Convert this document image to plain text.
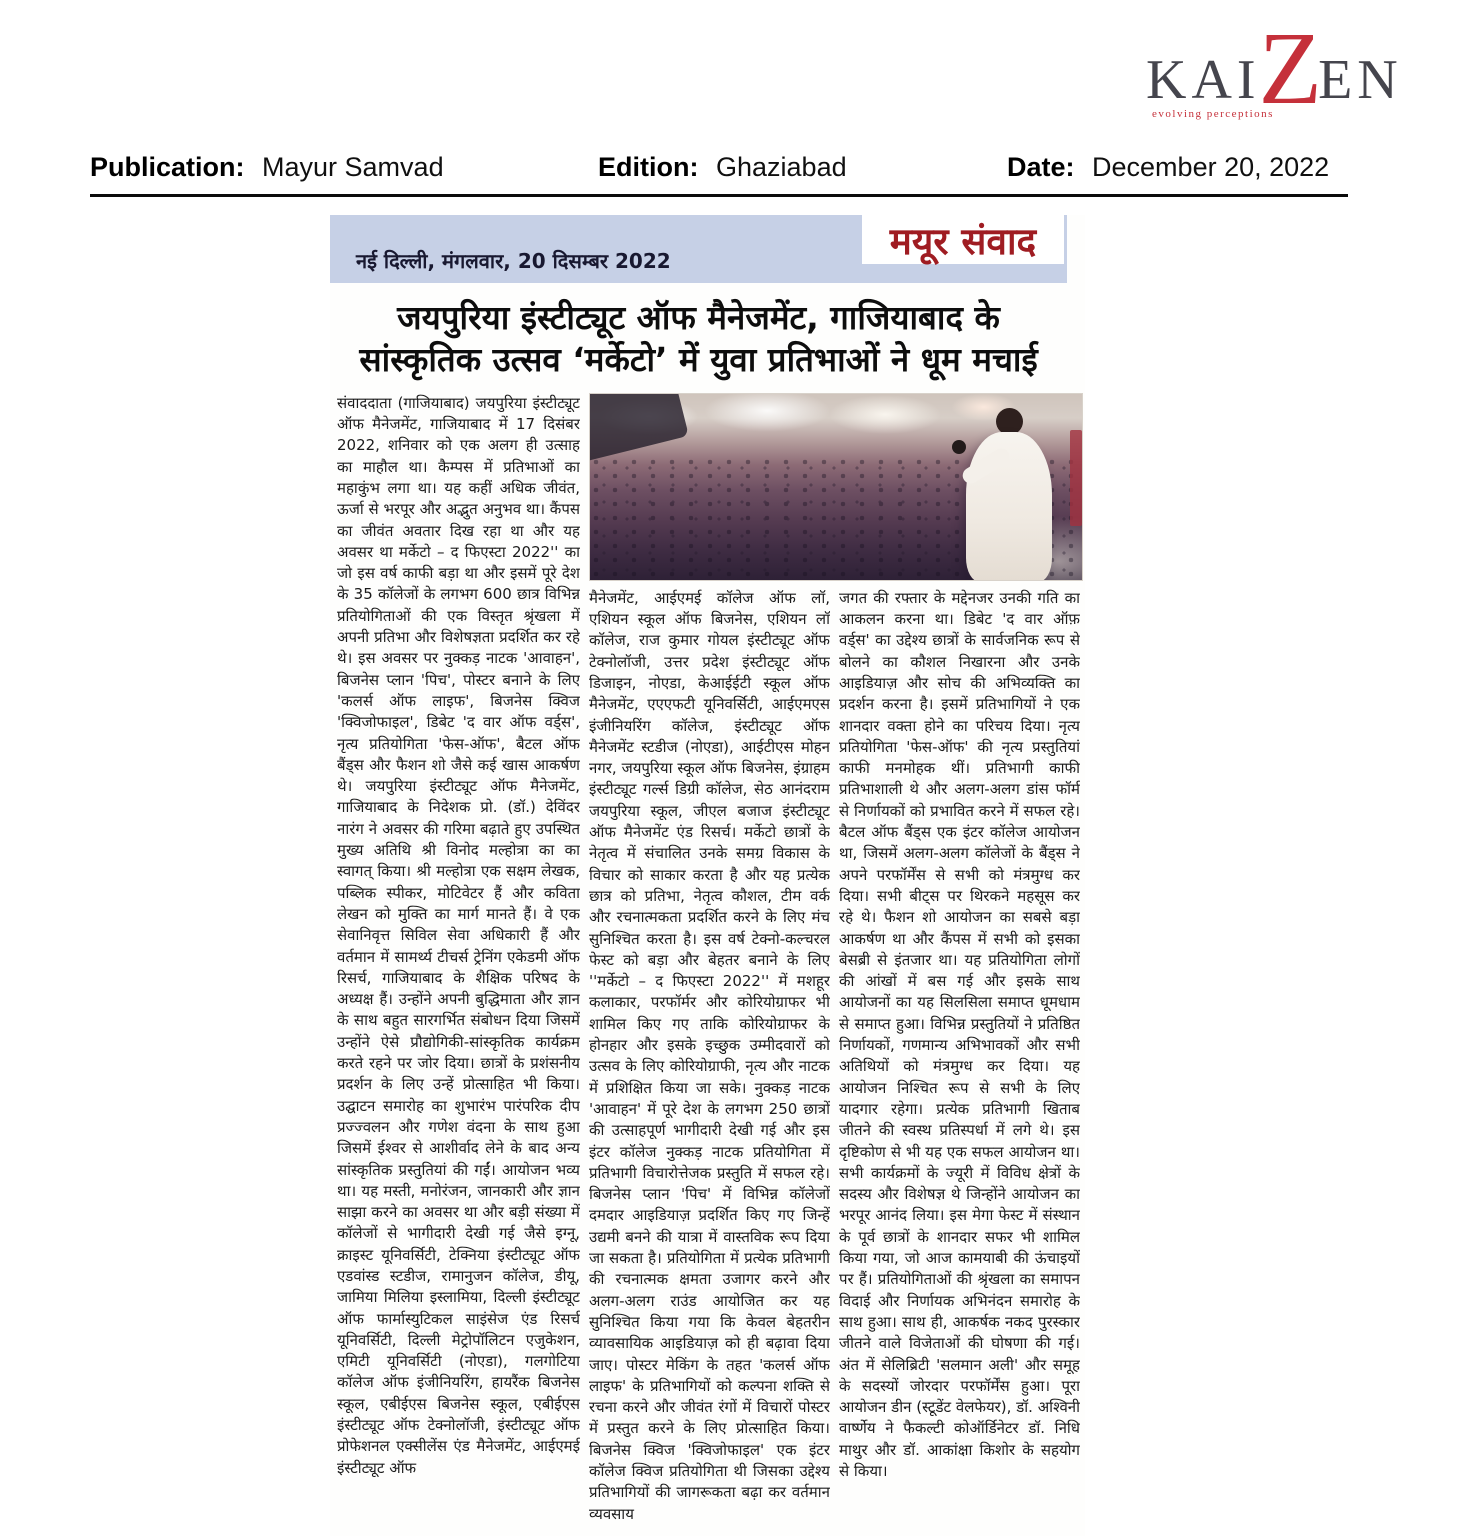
KAI
Z
EN
evolving perceptions
Publication: Mayur Samvad	Edition: Ghaziabad	Date: December 20, 2022
नई दिल्ली, मंगलवार, 20 दिसम्बर 2022	मयूर संवाद
जयपुरिया इंस्टीट्यूट ऑफ मैनेजमेंट, गाजियाबाद के
सांस्कृतिक उत्सव ‘मर्केटो’ में युवा प्रतिभाओं ने धूम मचाई
संवाददाता (गाजियाबाद) जयपुरिया इंस्टीट्यूट ऑफ मैनेजमेंट, गाजियाबाद में 17 दिसंबर 2022, शनिवार को एक अलग ही उत्साह का माहौल था। कैम्पस में प्रतिभाओं का महाकुंभ लगा था। यह कहीं अधिक जीवंत, ऊर्जा से भरपूर और अद्भुत अनुभव था। कैंपस का जीवंत अवतार दिख रहा था और यह अवसर था मर्केटो – द फिएस्टा 2022'' का जो इस वर्ष काफी बड़ा था और इसमें पूरे देश के 35 कॉलेजों के लगभग 600 छात्र विभिन्न प्रतियोगिताओं की एक विस्तृत श्रृंखला में अपनी प्रतिभा और विशेषज्ञता प्रदर्शित कर रहे थे। इस अवसर पर नुक्कड़ नाटक 'आवाहन', बिजनेस प्लान 'पिच', पोस्टर बनाने के लिए 'कलर्स ऑफ लाइफ', बिजनेस क्विज 'क्विजोफाइल', डिबेट 'द वार ऑफ वर्ड्स', नृत्य प्रतियोगिता 'फेस-ऑफ', बैटल ऑफ बैंड्स और फैशन शो जैसे कई खास आकर्षण थे। जयपुरिया इंस्टीट्यूट ऑफ मैनेजमेंट, गाजियाबाद के निदेशक प्रो. (डॉ.) देविंदर नारंग ने अवसर की गरिमा बढ़ाते हुए उपस्थित मुख्य अतिथि श्री विनोद मल्होत्रा का का स्वागत् किया। श्री मल्होत्रा एक सक्षम लेखक, पब्लिक स्पीकर, मोटिवेटर हैं और कविता लेखन को मुक्ति का मार्ग मानते हैं। वे एक सेवानिवृत्त सिविल सेवा अधिकारी हैं और वर्तमान में सामर्थ्य टीचर्स ट्रेनिंग एकेडमी ऑफ रिसर्च, गाजियाबाद के शैक्षिक परिषद के अध्यक्ष हैं। उन्होंने अपनी बुद्धिमाता और ज्ञान के साथ बहुत सारगर्भित संबोधन दिया जिसमें उन्होंने ऐसे प्रौद्योगिकी-सांस्कृतिक कार्यक्रम करते रहने पर जोर दिया। छात्रों के प्रशंसनीय प्रदर्शन के लिए उन्हें प्रोत्साहित भी किया। उद्घाटन समारोह का शुभारंभ पारंपरिक दीप प्रज्ज्वलन और गणेश वंदना के साथ हुआ जिसमें ईश्वर से आशीर्वाद लेने के बाद अन्य सांस्कृतिक प्रस्तुतियां की गईं। आयोजन भव्य था। यह मस्ती, मनोरंजन, जानकारी और ज्ञान साझा करने का अवसर था और बड़ी संख्या में कॉलेजों से भागीदारी देखी गई जैसे इग्नू, क्राइस्ट यूनिवर्सिटी, टेक्निया इंस्टीट्यूट ऑफ एडवांस्ड स्टडीज, रामानुजन कॉलेज, डीयू, जामिया मिलिया इस्लामिया, दिल्ली इंस्टीट्यूट ऑफ फार्मास्युटिकल साइंसेज एंड रिसर्च यूनिवर्सिटी, दिल्ली मेट्रोपॉलिटन एजुकेशन, एमिटी यूनिवर्सिटी (नोएडा), गलगोटिया कॉलेज ऑफ इंजीनियरिंग, हायरैंक बिजनेस स्कूल, एबीईएस बिजनेस स्कूल, एबीईएस इंस्टीट्यूट ऑफ टेक्नोलॉजी, इंस्टीट्यूट ऑफ प्रोफेशनल एक्सीलेंस एंड मैनेजमेंट, आईएमई इंस्टीट्यूट ऑफ
मैनेजमेंट, आईएमई कॉलेज ऑफ लॉ, एशियन स्कूल ऑफ बिजनेस, एशियन लॉ कॉलेज, राज कुमार गोयल इंस्टीट्यूट ऑफ टेक्नोलॉजी, उत्तर प्रदेश इंस्टीट्यूट ऑफ डिजाइन, नोएडा, केआईईटी स्कूल ऑफ मैनेजमेंट, एएएफटी यूनिवर्सिटी, आईएमएस इंजीनियरिंग कॉलेज, इंस्टीट्यूट ऑफ मैनेजमेंट स्टडीज (नोएडा), आईटीएस मोहन नगर, जयपुरिया स्कूल ऑफ बिजनेस, इंग्राहम इंस्टीट्यूट गर्ल्स डिग्री कॉलेज, सेठ आनंदराम जयपुरिया स्कूल, जीएल बजाज इंस्टीट्यूट ऑफ मैनेजमेंट एंड रिसर्च। मर्केटो छात्रों के नेतृत्व में संचालित उनके समग्र विकास के विचार को साकार करता है और यह प्रत्येक छात्र को प्रतिभा, नेतृत्व कौशल, टीम वर्क और रचनात्मकता प्रदर्शित करने के लिए मंच सुनिश्चित करता है। इस वर्ष टेक्नो-कल्चरल फेस्ट को बड़ा और बेहतर बनाने के लिए ''मर्केटो – द फिएस्टा 2022'' में मशहूर कलाकार, परफॉर्मर और कोरियोग्राफर भी शामिल किए गए ताकि कोरियोग्राफर के होनहार और इसके इच्छुक उम्मीदवारों को उत्सव के लिए कोरियोग्राफी, नृत्य और नाटक में प्रशिक्षित किया जा सके। नुक्कड़ नाटक 'आवाहन' में पूरे देश के लगभग 250 छात्रों की उत्साहपूर्ण भागीदारी देखी गई और इस इंटर कॉलेज नुक्कड़ नाटक प्रतियोगिता में प्रतिभागी विचारोत्तेजक प्रस्तुति में सफल रहे। बिजनेस प्लान 'पिच' में विभिन्न कॉलेजों दमदार आइडियाज़ प्रदर्शित किए गए जिन्हें उद्यमी बनने की यात्रा में वास्तविक रूप दिया जा सकता है। प्रतियोगिता में प्रत्येक प्रतिभागी की रचनात्मक क्षमता उजागर करने और अलग-अलग राउंड आयोजित कर यह सुनिश्चित किया गया कि केवल बेहतरीन व्यावसायिक आइडियाज़ को ही बढ़ावा दिया जाए। पोस्टर मेकिंग के तहत 'कलर्स ऑफ लाइफ' के प्रतिभागियों को कल्पना शक्ति से रचना करने और जीवंत रंगों में विचारों पोस्टर में प्रस्तुत करने के लिए प्रोत्साहित किया। बिजनेस क्विज 'क्विजोफाइल' एक इंटर कॉलेज क्विज प्रतियोगिता थी जिसका उद्देश्य प्रतिभागियों की जागरूकता बढ़ा कर वर्तमान व्यवसाय
जगत की रफ्तार के मद्देनजर उनकी गति का आकलन करना था। डिबेट 'द वार ऑफ़ वर्ड्स' का उद्देश्य छात्रों के सार्वजनिक रूप से बोलने का कौशल निखारना और उनके आइडियाज़ और सोच की अभिव्यक्ति का प्रदर्शन करना है। इसमें प्रतिभागियों ने एक शानदार वक्ता होने का परिचय दिया। नृत्य प्रतियोगिता 'फेस-ऑफ' की नृत्य प्रस्तुतियां काफी मनमोहक थीं। प्रतिभागी काफी प्रतिभाशाली थे और अलग-अलग डांस फॉर्म से निर्णायकों को प्रभावित करने में सफल रहे। बैटल ऑफ बैंड्स एक इंटर कॉलेज आयोजन था, जिसमें अलग-अलग कॉलेजों के बैंड्स ने अपने परफॉर्मेंस से सभी को मंत्रमुग्ध कर दिया। सभी बीट्स पर थिरकने महसूस कर रहे थे। फैशन शो आयोजन का सबसे बड़ा आकर्षण था और कैंपस में सभी को इसका बेसब्री से इंतजार था। यह प्रतियोगिता लोगों की आंखों में बस गई और इसके साथ आयोजनों का यह सिलसिला समाप्त धूमधाम से समाप्त हुआ। विभिन्न प्रस्तुतियों ने प्रतिष्ठित निर्णायकों, गणमान्य अभिभावकों और सभी अतिथियों को मंत्रमुग्ध कर दिया। यह आयोजन निश्चित रूप से सभी के लिए यादगार रहेगा। प्रत्येक प्रतिभागी खिताब जीतने की स्वस्थ प्रतिस्पर्धा में लगे थे। इस दृष्टिकोण से भी यह एक सफल आयोजन था। सभी कार्यक्रमों के ज्यूरी में विविध क्षेत्रों के सदस्य और विशेषज्ञ थे जिन्होंने आयोजन का भरपूर आनंद लिया। इस मेगा फेस्ट में संस्थान के पूर्व छात्रों के शानदार सफर भी शामिल किया गया, जो आज कामयाबी की ऊंचाइयों पर हैं। प्रतियोगिताओं की श्रृंखला का समापन विदाई और निर्णायक अभिनंदन समारोह के साथ हुआ। साथ ही, आकर्षक नकद पुरस्कार जीतने वाले विजेताओं की घोषणा की गई। अंत में सेलिब्रिटी 'सलमान अली' और समूह के सदस्यों जोरदार परफॉर्मेंस हुआ। पूरा आयोजन डीन (स्टूडेंट वेलफेयर), डॉ. अश्विनी वार्ष्णेय ने फैकल्टी कोऑर्डिनेटर डॉ. निधि माथुर और डॉ. आकांक्षा किशोर के सहयोग से किया।
